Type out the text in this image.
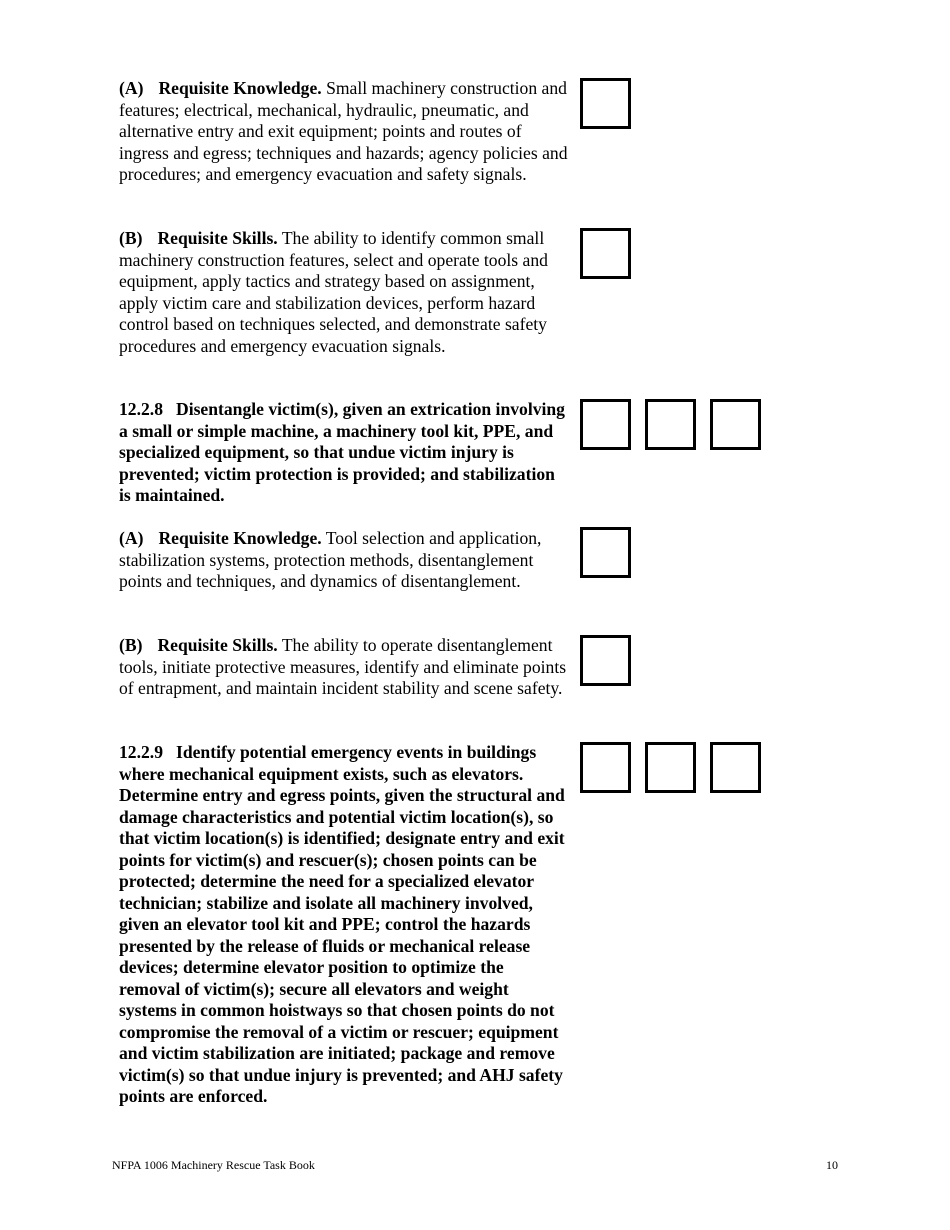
(A) Requisite Knowledge. Small machinery construction and features; electrical, mechanical, hydraulic, pneumatic, and alternative entry and exit equipment; points and routes of ingress and egress; techniques and hazards; agency policies and procedures; and emergency evacuation and safety signals.

(B) Requisite Skills. The ability to identify common small machinery construction features, select and operate tools and equipment, apply tactics and strategy based on assignment, apply victim care and stabilization devices, perform hazard control based on techniques selected, and demonstrate safety procedures and emergency evacuation signals.

12.2.8 Disentangle victim(s), given an extrication involving a small or simple machine, a machinery tool kit, PPE, and specialized equipment, so that undue victim injury is prevented; victim protection is provided; and stabilization is maintained.

(A) Requisite Knowledge. Tool selection and application, stabilization systems, protection methods, disentanglement points and techniques, and dynamics of disentanglement.

(B) Requisite Skills. The ability to operate disentanglement tools, initiate protective measures, identify and eliminate points of entrapment, and maintain incident stability and scene safety.

12.2.9 Identify potential emergency events in buildings where mechanical equipment exists, such as elevators. Determine entry and egress points, given the structural and damage characteristics and potential victim location(s), so that victim location(s) is identified; designate entry and exit points for victim(s) and rescuer(s); chosen points can be protected; determine the need for a specialized elevator technician; stabilize and isolate all machinery involved, given an elevator tool kit and PPE; control the hazards presented by the release of fluids or mechanical release devices; determine elevator position to optimize the removal of victim(s); secure all elevators and weight systems in common hoistways so that chosen points do not compromise the removal of a victim or rescuer; equipment and victim stabilization are initiated; package and remove victim(s) so that undue injury is prevented; and AHJ safety points are enforced.

NFPA 1006 Machinery Rescue Task Book	10
